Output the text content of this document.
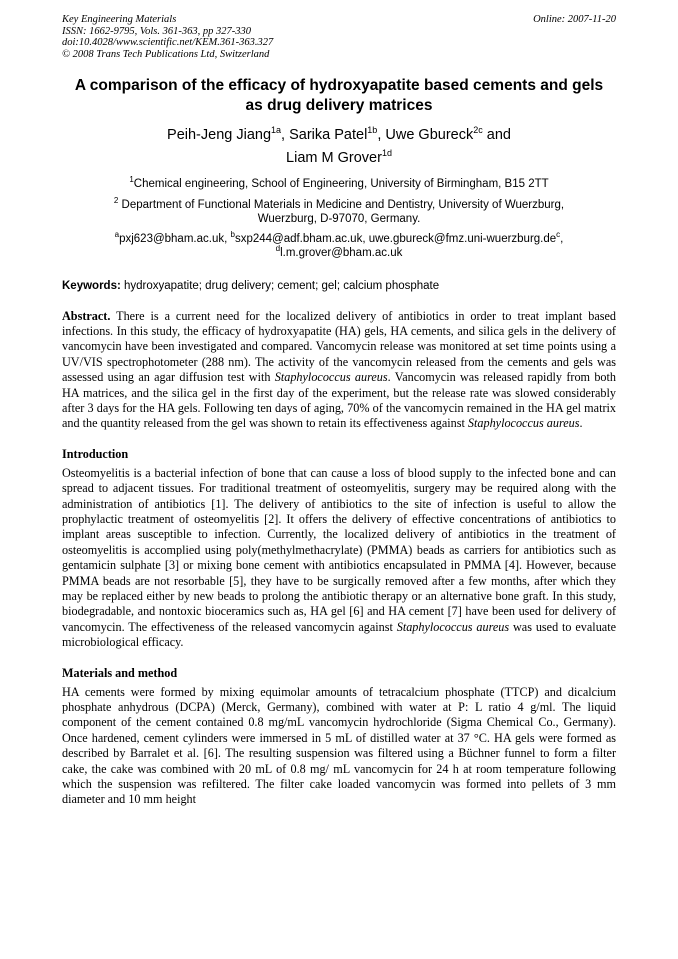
Key Engineering Materials
ISSN: 1662-9795, Vols. 361-363, pp 327-330
doi:10.4028/www.scientific.net/KEM.361-363.327
© 2008 Trans Tech Publications Ltd, Switzerland
Online: 2007-11-20
A comparison of the efficacy of hydroxyapatite based cements and gels
as drug delivery matrices
Peih-Jeng Jiang$^{1a}$, Sarika Patel$^{1b}$, Uwe Gbureck$^{2c}$ and
Liam M Grover$^{1d}$
$^1$Chemical engineering, School of Engineering, University of Birmingham, B15 2TT
$^2$ Department of Functional Materials in Medicine and Dentistry, University of Wuerzburg,
Wuerzburg, D-97070, Germany.
$^a$pxj623@bham.ac.uk, $^b$sxp244@adf.bham.ac.uk, $uwe.gbureck@fmz.uni-wuerzburg.de^c$,
$^d$l.m.grover@bham.ac.uk
Keywords: hydroxyapatite; drug delivery; cement; gel; calcium phosphate
Abstract. There is a current need for the localized delivery of antibiotics in order to treat implant based infections. In this study, the efficacy of hydroxyapatite (HA) gels, HA cements, and silica gels in the delivery of vancomycin have been investigated and compared. Vancomycin release was monitored at set time points using a UV/VIS spectrophotometer (288 nm). The activity of the vancomycin released from the cements and gels was assessed using an agar diffusion test with Staphylococcus aureus. Vancomycin was released rapidly from both HA matrices, and the silica gel in the first day of the experiment, but the release rate was slowed considerably after 3 days for the HA gels. Following ten days of aging, 70% of the vancomycin remained in the HA gel matrix and the quantity released from the gel was shown to retain its effectiveness against Staphylococcus aureus.
Introduction
Osteomyelitis is a bacterial infection of bone that can cause a loss of blood supply to the infected bone and can spread to adjacent tissues. For traditional treatment of osteomyelitis, surgery may be required along with the administration of antibiotics [1]. The delivery of antibiotics to the site of infection is useful to allow the prophylactic treatment of osteomyelitis [2]. It offers the delivery of effective concentrations of antibiotics to implant areas susceptible to infection. Currently, the localized delivery of antibiotics in the treatment of osteomyelitis is accomplied using poly(methylmethacrylate) (PMMA) beads as carriers for antibiotics such as gentamicin sulphate [3] or mixing bone cement with antibiotics encapsulated in PMMA [4]. However, because PMMA beads are not resorbable [5], they have to be surgically removed after a few months, after which they may be replaced either by new beads to prolong the antibiotic therapy or an alternative bone graft. In this study, biodegradable, and nontoxic bioceramics such as, HA gel [6] and HA cement [7] have been used for delivery of vancomycin. The effectiveness of the released vancomycin against Staphylococcus aureus was used to evaluate microbiological efficacy.
Materials and method
HA cements were formed by mixing equimolar amounts of tetracalcium phosphate (TTCP) and dicalcium phosphate anhydrous (DCPA) (Merck, Germany), combined with water at P: L ratio 4 g/ml. The liquid component of the cement contained 0.8 mg/mL vancomycin hydrochloride (Sigma Chemical Co., Germany). Once hardened, cement cylinders were immersed in 5 mL of distilled water at 37 °C. HA gels were formed as described by Barralet et al. [6]. The resulting suspension was filtered using a Büchner funnel to form a filter cake, the cake was combined with 20 mL of 0.8 mg/ mL vancomycin for 24 h at room temperature following which the suspension was refiltered. The filter cake loaded vancomycin was formed into pellets of 3 mm diameter and 10 mm height
